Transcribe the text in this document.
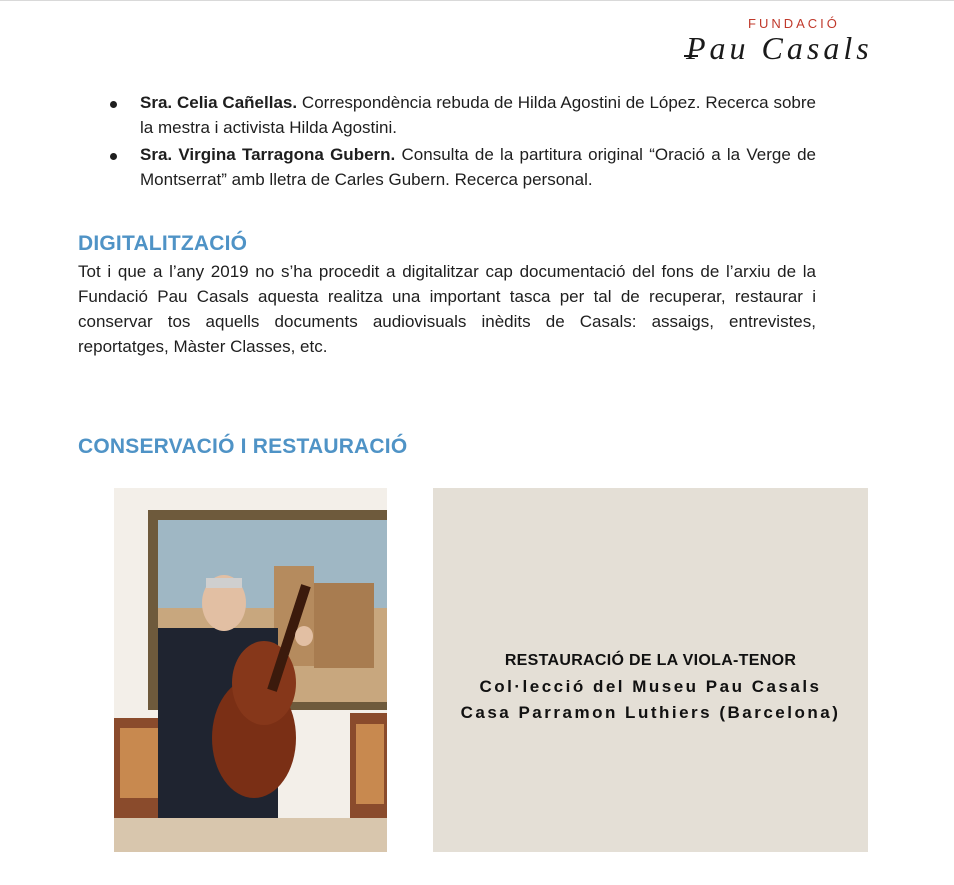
FUNDACIÓ
Pau Casals
Sra. Celia Cañellas. Correspondència rebuda de Hilda Agostini de López. Recerca sobre la mestra i activista Hilda Agostini.
Sra. Virgina Tarragona Gubern. Consulta de la partitura original “Oració a la Verge de Montserrat” amb lletra de Carles Gubern. Recerca personal.
DIGITALITZACIÓ
Tot i que a l’any 2019 no s’ha procedit a digitalitzar cap documentació del fons de l’arxiu de la Fundació Pau Casals aquesta realitza una important tasca per tal de recuperar, restaurar i conservar tos aquells documents audiovisuals inèdits de Casals: assaigs, entrevistes, reportatges, Màster Classes, etc.
CONSERVACIÓ I RESTAURACIÓ
RESTAURACIÓ DE LA VIOLA-TENOR
Col·lecció del Museu Pau Casals
Casa Parramon Luthiers (Barcelona)
